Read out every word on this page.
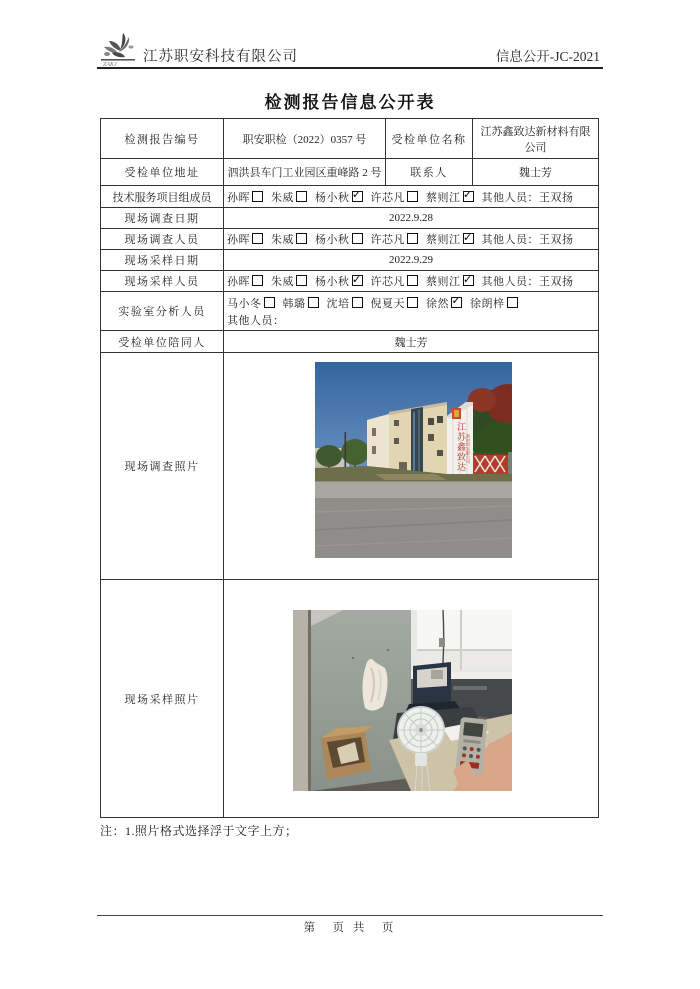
ZAKJ 江苏职安科技有限公司	信息公开-JC-2021
检测报告信息公开表
检测报告编号	职安职检（2022）0357 号	受检单位名称	江苏鑫致达新材料有限公司
受检单位地址	泗洪县车门工业园区重峰路 2 号	联系人	魏士芳
技术服务项目组成员	孙晖 朱威 杨小秋 ✓ 许芯凡 蔡则江 ✓ 其他人员：王双扬
现场调查日期	2022.9.28		
现场调查人员	孙晖 朱威 杨小秋 许芯凡 蔡则江 ✓ 其他人员：王双扬
现场采样日期	2022.9.29		
现场采样人员	孙晖 朱威 杨小秋 ✓ 许芯凡 蔡则江 ✓ 其他人员：王双扬
实验室分析人员	马小冬 韩璐 沈培 倪夏天 徐然 ✓ 徐朗梓
其他人员：

受检单位陪同人	魏士芳		
现场调查照片	江苏鑫致达 新材料有限公司		

现场采样照片	
注：1.照片格式选择浮于文字上方；
第　页 共　页
